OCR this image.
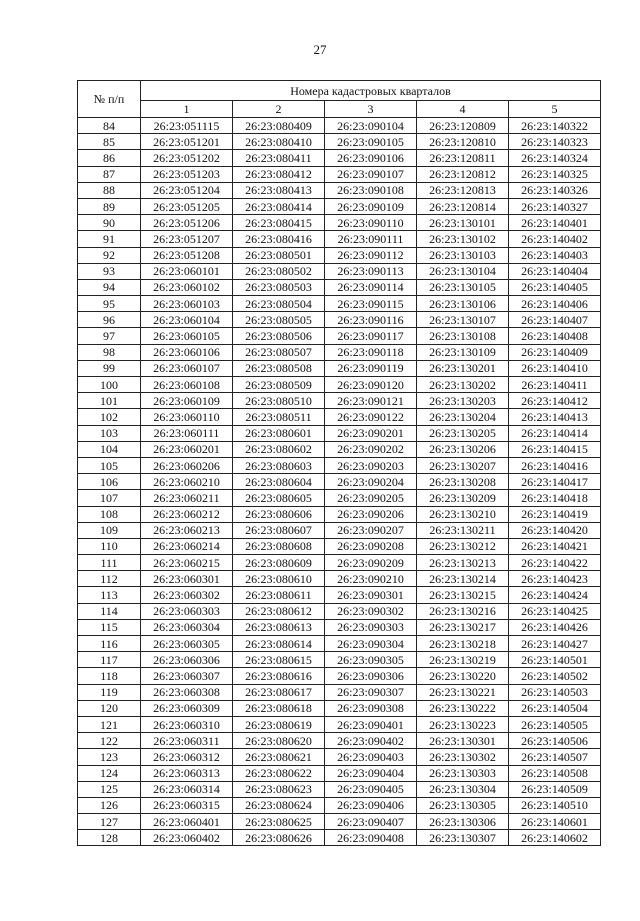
27
№ п/п	Номера кадастровых кварталов				
	1	2	3	4	5
84	26:23:051115	26:23:080409	26:23:090104	26:23:120809	26:23:140322
85	26:23:051201	26:23:080410	26:23:090105	26:23:120810	26:23:140323
86	26:23:051202	26:23:080411	26:23:090106	26:23:120811	26:23:140324
87	26:23:051203	26:23:080412	26:23:090107	26:23:120812	26:23:140325
88	26:23:051204	26:23:080413	26:23:090108	26:23:120813	26:23:140326
89	26:23:051205	26:23:080414	26:23:090109	26:23:120814	26:23:140327
90	26:23:051206	26:23:080415	26:23:090110	26:23:130101	26:23:140401
91	26:23:051207	26:23:080416	26:23:090111	26:23:130102	26:23:140402
92	26:23:051208	26:23:080501	26:23:090112	26:23:130103	26:23:140403
93	26:23:060101	26:23:080502	26:23:090113	26:23:130104	26:23:140404
94	26:23:060102	26:23:080503	26:23:090114	26:23:130105	26:23:140405
95	26:23:060103	26:23:080504	26:23:090115	26:23:130106	26:23:140406
96	26:23:060104	26:23:080505	26:23:090116	26:23:130107	26:23:140407
97	26:23:060105	26:23:080506	26:23:090117	26:23:130108	26:23:140408
98	26:23:060106	26:23:080507	26:23:090118	26:23:130109	26:23:140409
99	26:23:060107	26:23:080508	26:23:090119	26:23:130201	26:23:140410
100	26:23:060108	26:23:080509	26:23:090120	26:23:130202	26:23:140411
101	26:23:060109	26:23:080510	26:23:090121	26:23:130203	26:23:140412
102	26:23:060110	26:23:080511	26:23:090122	26:23:130204	26:23:140413
103	26:23:060111	26:23:080601	26:23:090201	26:23:130205	26:23:140414
104	26:23:060201	26:23:080602	26:23:090202	26:23:130206	26:23:140415
105	26:23:060206	26:23:080603	26:23:090203	26:23:130207	26:23:140416
106	26:23:060210	26:23:080604	26:23:090204	26:23:130208	26:23:140417
107	26:23:060211	26:23:080605	26:23:090205	26:23:130209	26:23:140418
108	26:23:060212	26:23:080606	26:23:090206	26:23:130210	26:23:140419
109	26:23:060213	26:23:080607	26:23:090207	26:23:130211	26:23:140420
110	26:23:060214	26:23:080608	26:23:090208	26:23:130212	26:23:140421
111	26:23:060215	26:23:080609	26:23:090209	26:23:130213	26:23:140422
112	26:23:060301	26:23:080610	26:23:090210	26:23:130214	26:23:140423
113	26:23:060302	26:23:080611	26:23:090301	26:23:130215	26:23:140424
114	26:23:060303	26:23:080612	26:23:090302	26:23:130216	26:23:140425
115	26:23:060304	26:23:080613	26:23:090303	26:23:130217	26:23:140426
116	26:23:060305	26:23:080614	26:23:090304	26:23:130218	26:23:140427
117	26:23:060306	26:23:080615	26:23:090305	26:23:130219	26:23:140501
118	26:23:060307	26:23:080616	26:23:090306	26:23:130220	26:23:140502
119	26:23:060308	26:23:080617	26:23:090307	26:23:130221	26:23:140503
120	26:23:060309	26:23:080618	26:23:090308	26:23:130222	26:23:140504
121	26:23:060310	26:23:080619	26:23:090401	26:23:130223	26:23:140505
122	26:23:060311	26:23:080620	26:23:090402	26:23:130301	26:23:140506
123	26:23:060312	26:23:080621	26:23:090403	26:23:130302	26:23:140507
124	26:23:060313	26:23:080622	26:23:090404	26:23:130303	26:23:140508
125	26:23:060314	26:23:080623	26:23:090405	26:23:130304	26:23:140509
126	26:23:060315	26:23:080624	26:23:090406	26:23:130305	26:23:140510
127	26:23:060401	26:23:080625	26:23:090407	26:23:130306	26:23:140601
128	26:23:060402	26:23:080626	26:23:090408	26:23:130307	26:23:140602
